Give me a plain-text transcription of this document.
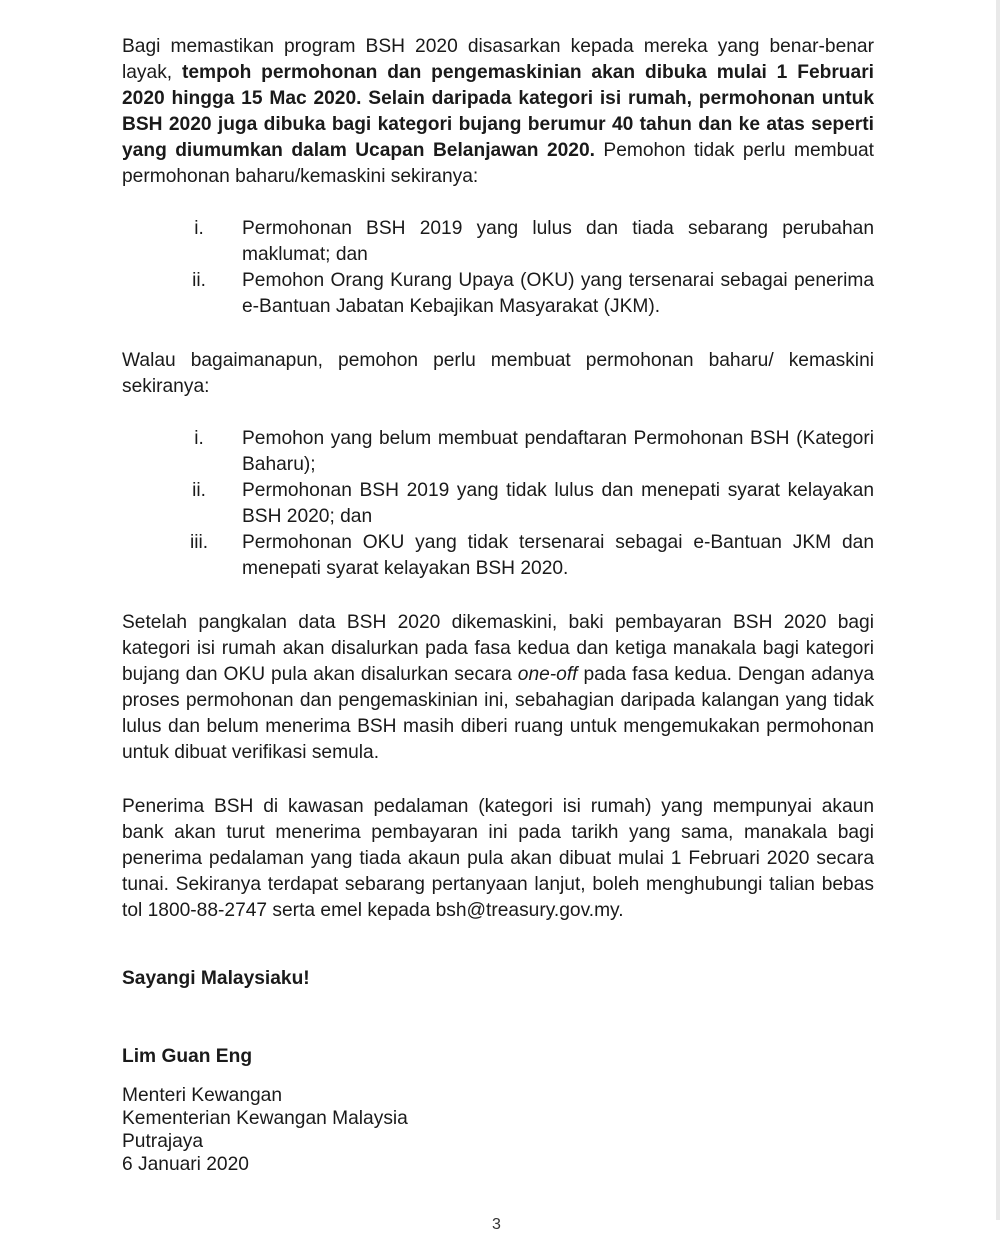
Bagi memastikan program BSH 2020 disasarkan kepada mereka yang benar-benar layak, tempoh permohonan dan pengemaskinian akan dibuka mulai 1 Februari 2020 hingga 15 Mac 2020. Selain daripada kategori isi rumah, permohonan untuk BSH 2020 juga dibuka bagi kategori bujang berumur 40 tahun dan ke atas seperti yang diumumkan dalam Ucapan Belanjawan 2020. Pemohon tidak perlu membuat permohonan baharu/kemaskini sekiranya:

i.	Permohonan BSH 2019 yang lulus dan tiada sebarang perubahan maklumat; dan
ii.	Pemohon Orang Kurang Upaya (OKU) yang tersenarai sebagai penerima e-Bantuan Jabatan Kebajikan Masyarakat (JKM).

Walau bagaimanapun, pemohon perlu membuat permohonan baharu/ kemaskini sekiranya:

i.	Pemohon yang belum membuat pendaftaran Permohonan BSH (Kategori Baharu);
ii.	Permohonan BSH 2019 yang tidak lulus dan menepati syarat kelayakan BSH 2020; dan
iii.	Permohonan OKU yang tidak tersenarai sebagai e-Bantuan JKM dan menepati syarat kelayakan BSH 2020.

Setelah pangkalan data BSH 2020 dikemaskini, baki pembayaran BSH 2020 bagi kategori isi rumah akan disalurkan pada fasa kedua dan ketiga manakala bagi kategori bujang dan OKU pula akan disalurkan secara one-off pada fasa kedua. Dengan adanya proses permohonan dan pengemaskinian ini, sebahagian daripada kalangan yang tidak lulus dan belum menerima BSH masih diberi ruang untuk mengemukakan permohonan untuk dibuat verifikasi semula.

Penerima BSH di kawasan pedalaman (kategori isi rumah) yang mempunyai akaun bank akan turut menerima pembayaran ini pada tarikh yang sama, manakala bagi penerima pedalaman yang tiada akaun pula akan dibuat mulai 1 Februari 2020 secara tunai. Sekiranya terdapat sebarang pertanyaan lanjut, boleh menghubungi talian bebas tol 1800-88-2747 serta emel kepada bsh@treasury.gov.my.

Sayangi Malaysiaku!

Lim Guan Eng

Menteri Kewangan

Kementerian Kewangan Malaysia

Putrajaya

6 Januari 2020

3
